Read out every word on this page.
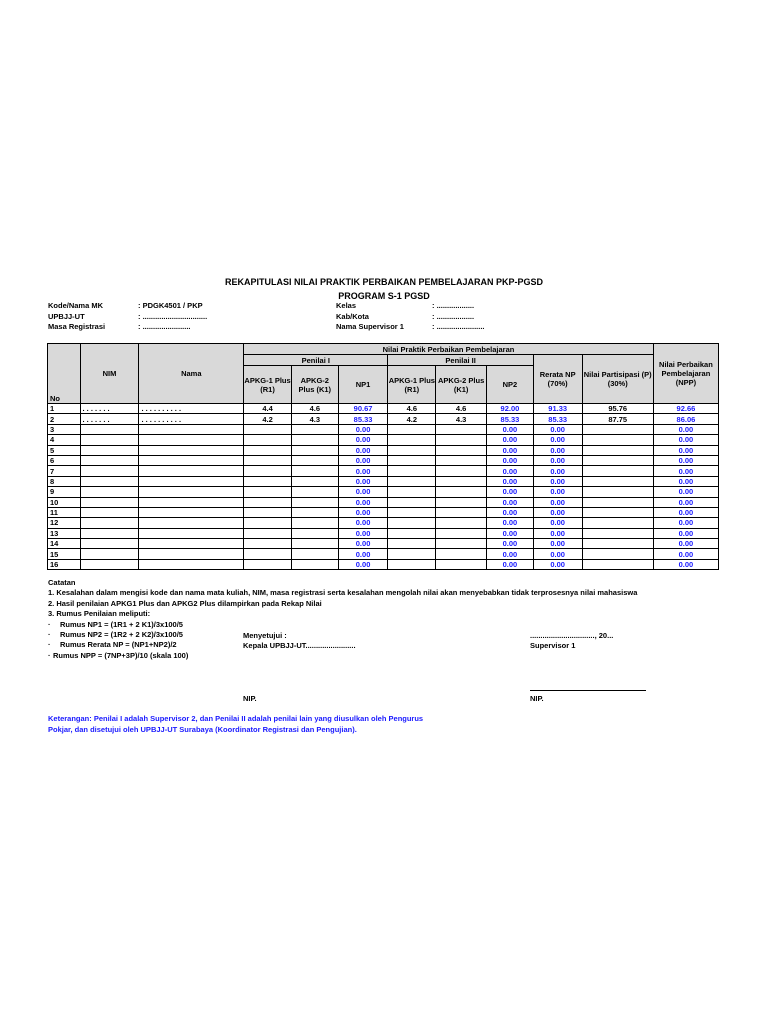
REKAPITULASI NILAI PRAKTIK PERBAIKAN PEMBELAJARAN PKP-PGSD
PROGRAM S-1 PGSD
Kode/Nama MK	: PDGK4501 / PKP
UPBJJ-UT	: ...............................
Masa Registrasi	: .......................
Kelas	: ..................
Kab/Kota	: ..................
Nama Supervisor 1	: .......................
No	NIM	Nama	Nilai Praktik Perbaikan Pembelajaran								Nilai Perbaikan Pembelajaran (NPP)
			Penilai I			Penilai II			Rerata NP (70%)	Nilai Partisipasi (P) (30%)	
			APKG-1 Plus (R1)	APKG-2 Plus (K1)	NP1	APKG-1 Plus (R1)	APKG-2 Plus (K1)	NP2			
1	. . . . . . .	. . . . . . . . . .	4.4	4.6	90.67	4.6	4.6	92.00	91.33	95.76	92.66
2	. . . . . . .	. . . . . . . . . .	4.2	4.3	85.33	4.2	4.3	85.33	85.33	87.75	86.06
3					0.00			0.00	0.00		0.00
4					0.00			0.00	0.00		0.00
5					0.00			0.00	0.00		0.00
6					0.00			0.00	0.00		0.00
7					0.00			0.00	0.00		0.00
8					0.00			0.00	0.00		0.00
9					0.00			0.00	0.00		0.00
10					0.00			0.00	0.00		0.00
11					0.00			0.00	0.00		0.00
12					0.00			0.00	0.00		0.00
13					0.00			0.00	0.00		0.00
14					0.00			0.00	0.00		0.00
15					0.00			0.00	0.00		0.00
16					0.00			0.00	0.00		0.00
Catatan
1. Kesalahan dalam mengisi kode dan nama mata kuliah, NIM, masa registrasi serta kesalahan mengolah nilai akan menyebabkan tidak terprosesnya nilai mahasiswa
2. Hasil penilaian APKG1 Plus dan APKG2 Plus dilampirkan pada Rekap Nilai
3. Rumus Penilaian meliputi:
· Rumus NP1 = (1R1 + 2 K1)/3x100/5
· Rumus NP2 = (1R2 + 2 K2)/3x100/5
· Rumus Rerata NP = (NP1+NP2)/2
· Rumus NPP = (7NP+3P)/10 (skala 100)
Menyetujui :
Kepala UPBJJ-UT........................
..............................., 20...
Supervisor 1
NIP.	NIP.
Keterangan: Penilai I adalah Supervisor 2, dan Penilai II adalah penilai lain yang diusulkan oleh Pengurus Pokjar, dan disetujui oleh UPBJJ-UT Surabaya (Koordinator Registrasi dan Pengujian).
